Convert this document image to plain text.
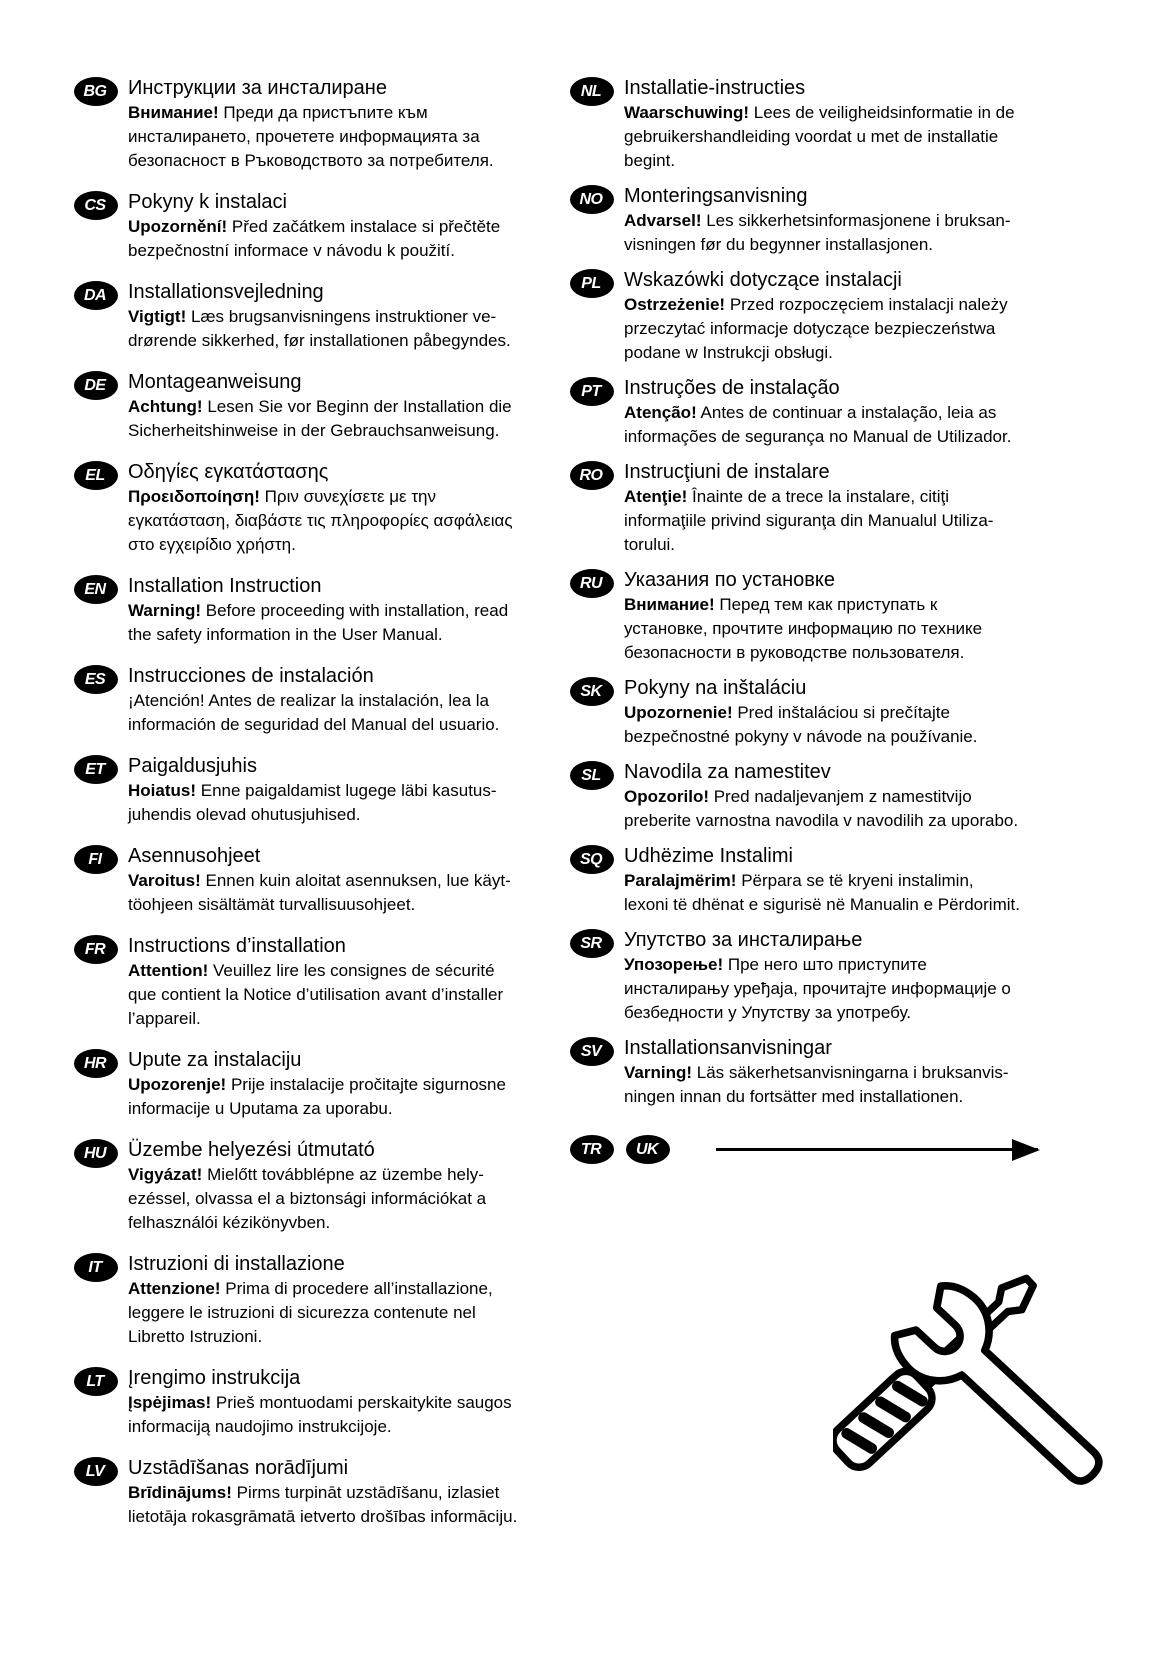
BG	Инструкции за инсталиране
Внимание! Преди да пристъпите към
инсталирането, прочетете информацията за
безопасност в Ръководството за потребителя.
CS	Pokyny k instalaci
Upozornění! Před začátkem instalace si přečtěte
bezpečnostní informace v návodu k použití.
DA	Installationsvejledning
Vigtigt! Læs brugsanvisningens instruktioner ve-
drørende sikkerhed, før installationen påbegyndes.
DE	Montageanweisung
Achtung! Lesen Sie vor Beginn der Installation die
Sicherheitshinweise in der Gebrauchsanweisung.
EL	Οδηγίες εγκατάστασης
Προειδοποίηση! Πριν συνεχίσετε με την
εγκατάσταση, διαβάστε τις πληροφορίες ασφάλειας
στο εγχειρίδιο χρήστη.
EN	Installation Instruction
Warning! Before proceeding with installation, read
the safety information in the User Manual.
ES	Instrucciones de instalación
¡Atención! Antes de realizar la instalación, lea la
información de seguridad del Manual del usuario.
ET	Paigaldusjuhis
Hoiatus! Enne paigaldamist lugege läbi kasutus-
juhendis olevad ohutusjuhised.
FI	Asennusohjeet
Varoitus! Ennen kuin aloitat asennuksen, lue käyt-
töohjeen sisältämät turvallisuusohjeet.
FR	Instructions d’installation
Attention! Veuillez lire les consignes de sécurité
que contient la Notice d’utilisation avant d’installer
l’appareil.
HR	Upute za instalaciju
Upozorenje! Prije instalacije pročitajte sigurnosne
informacije u Uputama za uporabu.
HU	Üzembe helyezési útmutató
Vigyázat! Mielőtt továbblépne az üzembe hely-
ezéssel, olvassa el a biztonsági információkat a
felhasználói kézikönyvben.
IT	Istruzioni di installazione
Attenzione! Prima di procedere all’installazione,
leggere le istruzioni di sicurezza contenute nel
Libretto Istruzioni.
LT	Įrengimo instrukcija
Įspėjimas! Prieš montuodami perskaitykite saugos
informaciją naudojimo instrukcijoje.
LV	Uzstādīšanas norādījumi
Brīdinājums! Pirms turpināt uzstādīšanu, izlasiet
lietotāja rokasgrāmatā ietverto drošības informāciju.
NL	Installatie-instructies
Waarschuwing! Lees de veiligheidsinformatie in de
gebruikershandleiding voordat u met de installatie
begint.
NO	Monteringsanvisning
Advarsel! Les sikkerhetsinformasjonene i bruksan-
visningen før du begynner installasjonen.
PL	Wskazówki dotyczące instalacji
Ostrzeżenie! Przed rozpoczęciem instalacji należy
przeczytać informacje dotyczące bezpieczeństwa
podane w Instrukcji obsługi.
PT	Instruções de instalação
Atenção! Antes de continuar a instalação, leia as
informações de segurança no Manual de Utilizador.
RO	Instrucţiuni de instalare
Atenţie! Înainte de a trece la instalare, citiţi
informaţiile privind siguranţa din Manualul Utiliza-
torului.
RU	Указания по установке
Внимание! Перед тем как приступать к
установке, прочтите информацию по технике
безопасности в руководстве пользователя.
SK	Pokyny na inštaláciu
Upozornenie! Pred inštaláciou si prečítajte
bezpečnostné pokyny v návode na používanie.
SL	Navodila za namestitev
Opozorilo! Pred nadaljevanjem z namestitvijo
preberite varnostna navodila v navodilih za uporabo.
SQ	Udhëzime Instalimi
Paralajmërim! Përpara se të kryeni instalimin,
lexoni të dhënat e sigurisë në Manualin e Përdorimit.
SR	Упутство за инсталирање
Упозорење! Пре него што приступите
инсталирању уређаја, прочитајте информације о
безбедности у Упутству за употребу.
SV	Installationsanvisningar
Varning! Läs säkerhetsanvisningarna i bruksanvis-
ningen innan du fortsätter med installationen.
TR	UK
